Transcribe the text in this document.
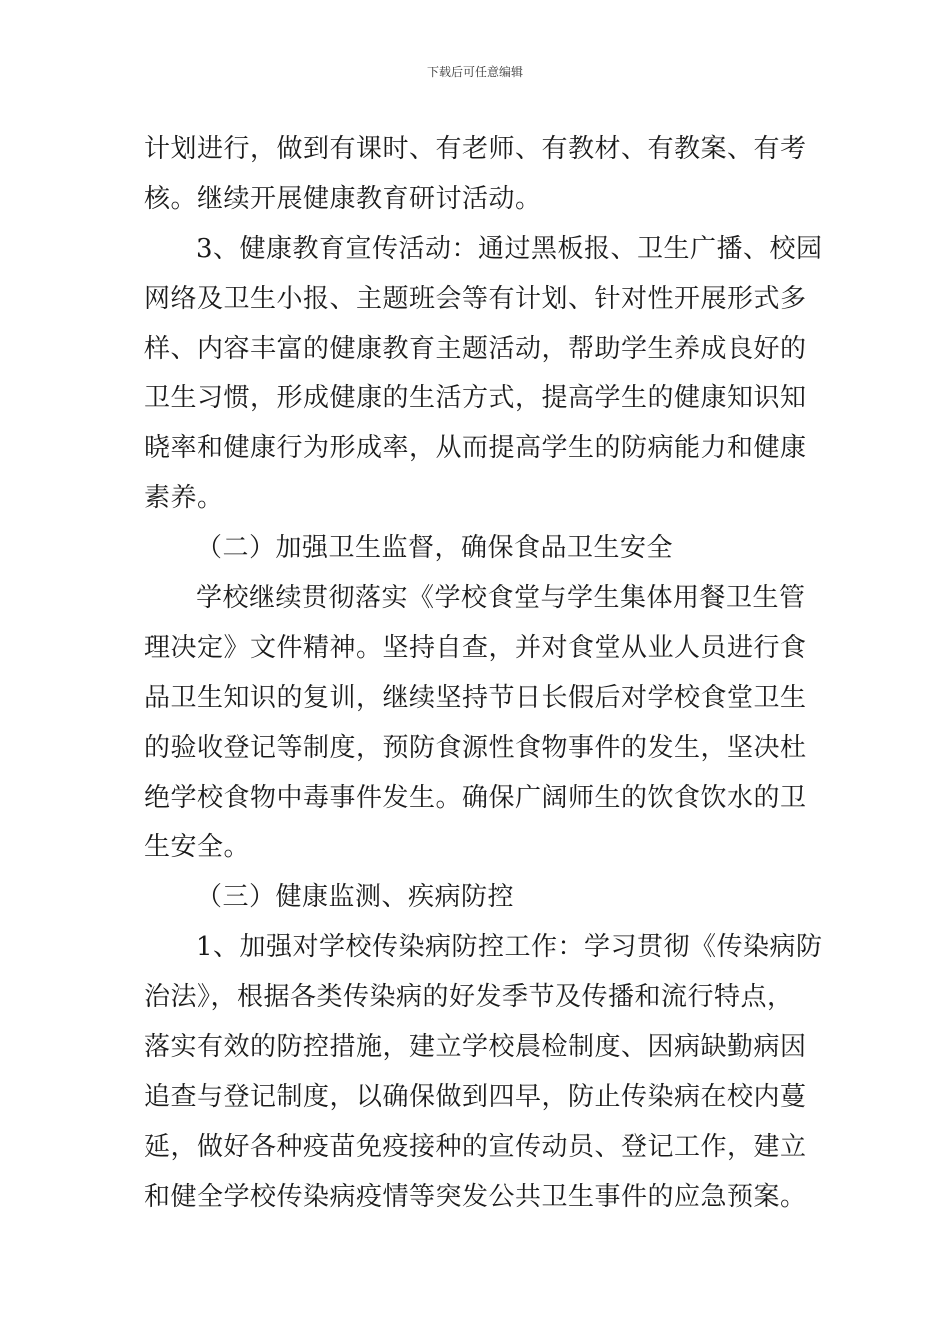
下载后可任意编辑
计划进行，做到有课时、有老师、有教材、有教案、有考
核。继续开展健康教育研讨活动。
3、健康教育宣传活动：通过黑板报、卫生广播、校园
网络及卫生小报、主题班会等有计划、针对性开展形式多
样、内容丰富的健康教育主题活动，帮助学生养成良好的
卫生习惯，形成健康的生活方式，提高学生的健康知识知
晓率和健康行为形成率，从而提高学生的防病能力和健康
素养。
（二）加强卫生监督，确保食品卫生安全
学校继续贯彻落实《学校食堂与学生集体用餐卫生管
理决定》文件精神。坚持自查，并对食堂从业人员进行食
品卫生知识的复训，继续坚持节日长假后对学校食堂卫生
的验收登记等制度，预防食源性食物事件的发生，坚决杜
绝学校食物中毒事件发生。确保广阔师生的饮食饮水的卫
生安全。
（三）健康监测、疾病防控
1、加强对学校传染病防控工作：学习贯彻《传染病防
治法》，根据各类传染病的好发季节及传播和流行特点，
落实有效的防控措施，建立学校晨检制度、因病缺勤病因
追查与登记制度，以确保做到四早，防止传染病在校内蔓
延，做好各种疫苗免疫接种的宣传动员、登记工作，建立
和健全学校传染病疫情等突发公共卫生事件的应急预案。
